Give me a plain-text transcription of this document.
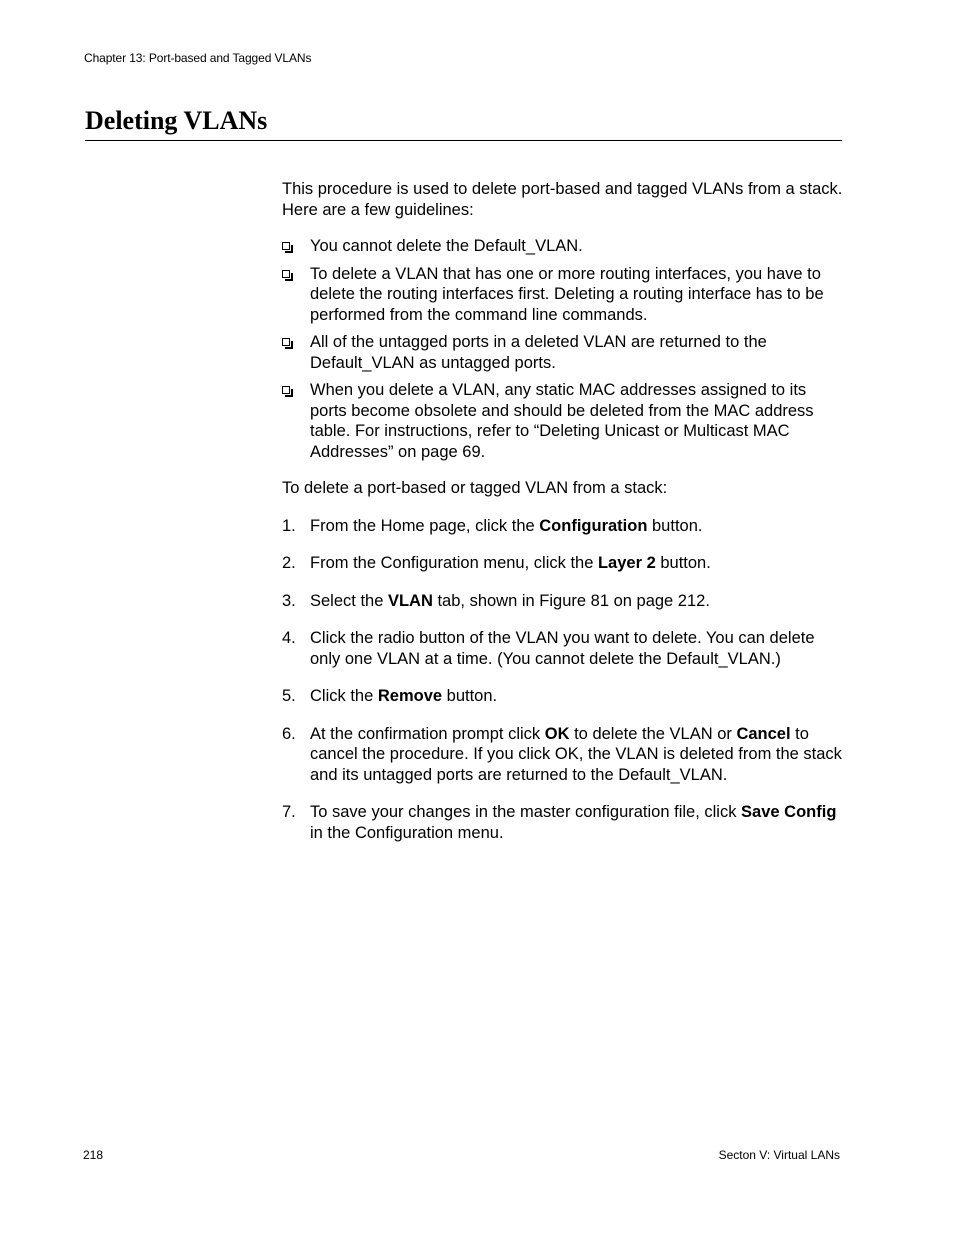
Chapter 13: Port-based and Tagged VLANs
Deleting VLANs

This procedure is used to delete port-based and tagged VLANs from a stack. Here are a few guidelines:

You cannot delete the Default_VLAN.
To delete a VLAN that has one or more routing interfaces, you have to delete the routing interfaces first. Deleting a routing interface has to be performed from the command line commands.
All of the untagged ports in a deleted VLAN are returned to the Default_VLAN as untagged ports.
When you delete a VLAN, any static MAC addresses assigned to its ports become obsolete and should be deleted from the MAC address table. For instructions, refer to “Deleting Unicast or Multicast MAC Addresses” on page 69.

To delete a port-based or tagged VLAN from a stack:

1. From the Home page, click the Configuration button.
2. From the Configuration menu, click the Layer 2 button.
3. Select the VLAN tab, shown in Figure 81 on page 212.
4. Click the radio button of the VLAN you want to delete. You can delete only one VLAN at a time. (You cannot delete the Default_VLAN.)
5. Click the Remove button.
6. At the confirmation prompt click OK to delete the VLAN or Cancel to cancel the procedure. If you click OK, the VLAN is deleted from the stack and its untagged ports are returned to the Default_VLAN.
7. To save your changes in the master configuration file, click Save Config in the Configuration menu.
218	Secton V: Virtual LANs
